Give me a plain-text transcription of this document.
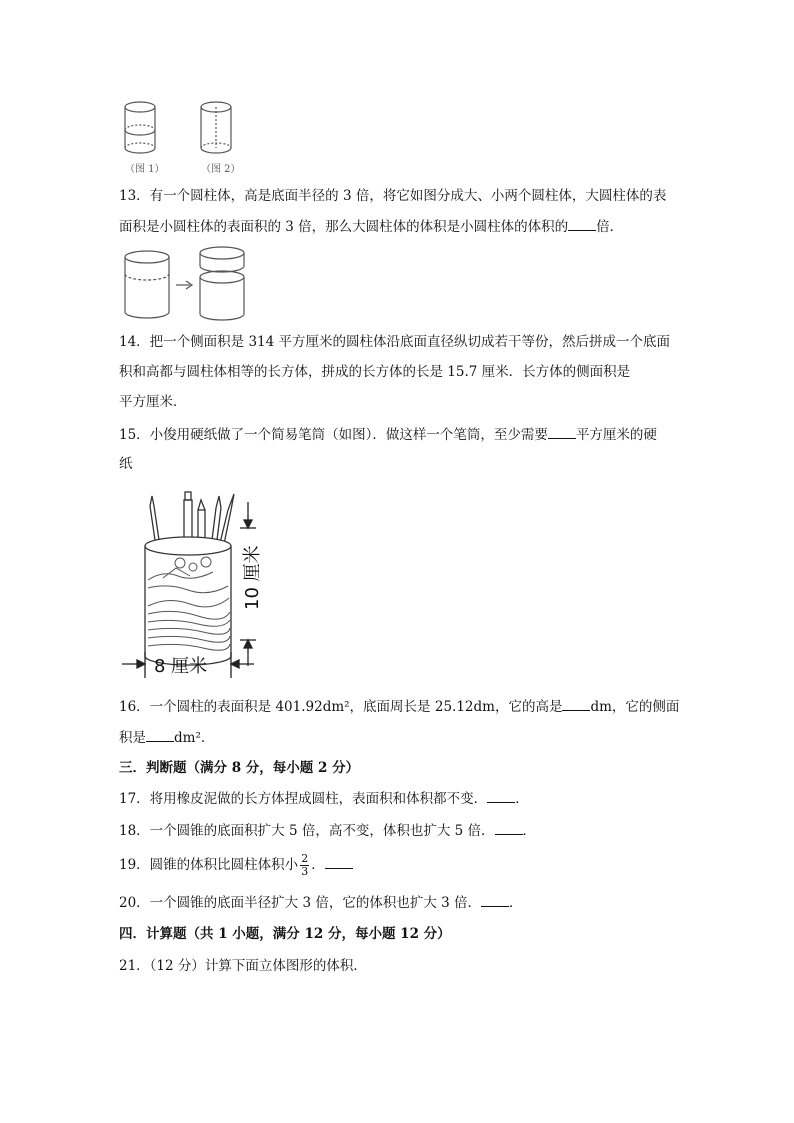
（图 1）	（图 2）
13．有一个圆柱体，高是底面半径的 3 倍，将它如图分成大、小两个圆柱体，大圆柱体的表
面积是小圆柱体的表面积的 3 倍，那么大圆柱体的体积是小圆柱体的体积的 倍．
14．把一个侧面积是 314 平方厘米的圆柱体沿底面直径纵切成若干等份，然后拼成一个底面
积和高都与圆柱体相等的长方体，拼成的长方体的长是 15.7 厘米．长方体的侧面积是
平方厘米．
15．小俊用硬纸做了一个简易笔筒（如图）．做这样一个笔筒，至少需要 平方厘米的硬
纸
10 厘米
8 厘米
16．一个圆柱的表面积是 401.92dm²，底面周长是 25.12dm，它的高是 dm，它的侧面
积是 dm²．
三．判断题（满分 8 分，每小题 2 分）
17．将用橡皮泥做的长方体捏成圆柱，表面积和体积都不变． ．
18．一个圆锥的底面积扩大 5 倍，高不变，体积也扩大 5 倍． ．
19．圆锥的体积比圆柱体积小 $\frac{2}{3}$ ．
20．一个圆锥的底面半径扩大 3 倍，它的体积也扩大 3 倍． ．
四．计算题（共 1 小题，满分 12 分，每小题 12 分）
21．（12 分）计算下面立体图形的体积．
